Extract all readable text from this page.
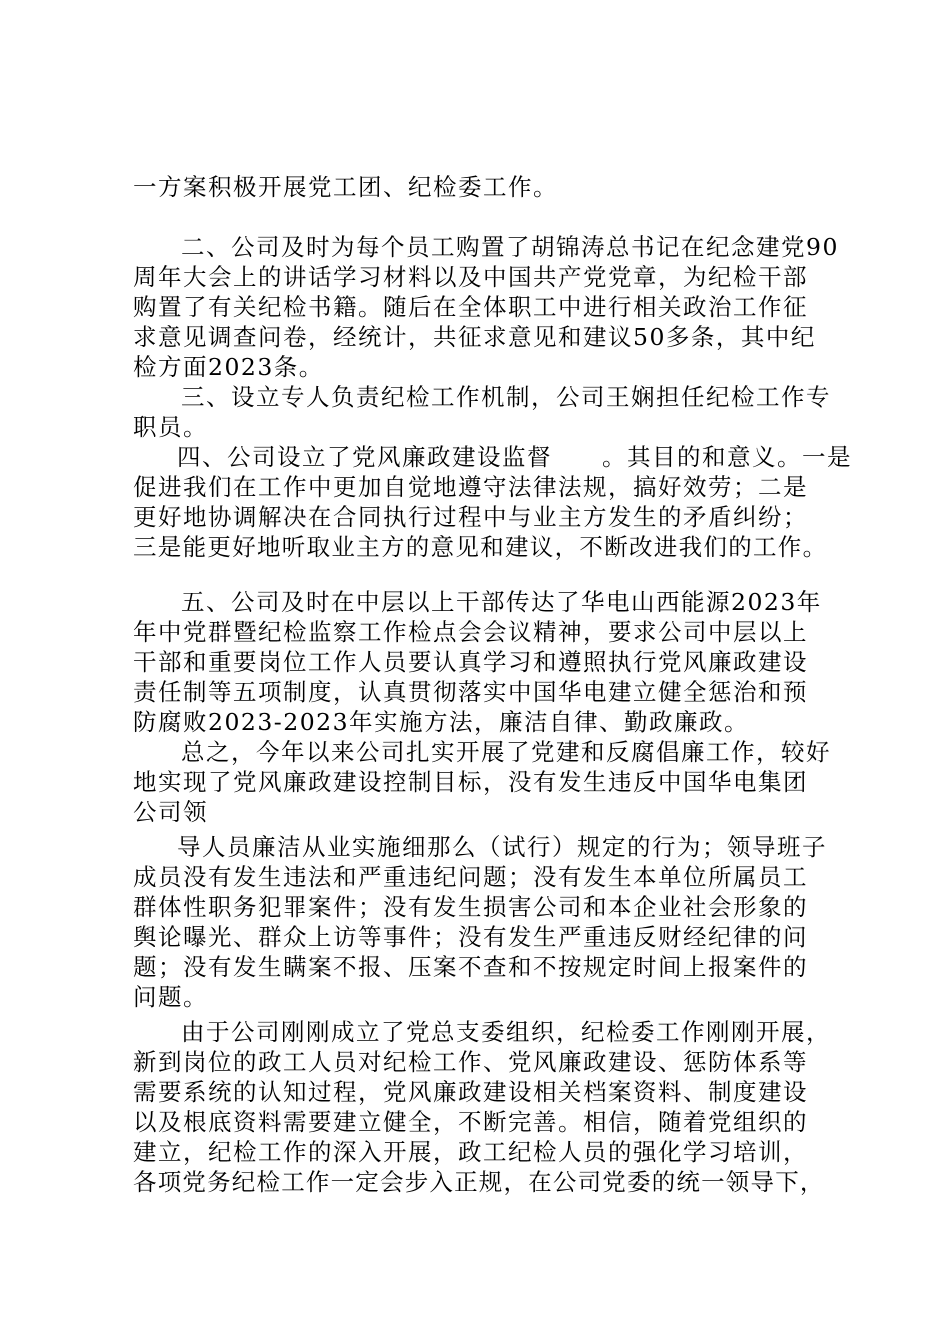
一方案积极开展党工团、纪检委工作。
二、公司及时为每个员工购置了胡锦涛总书记在纪念建党90
周年大会上的讲话学习材料以及中国共产党党章，为纪检干部
购置了有关纪检书籍。随后在全体职工中进行相关政治工作征
求意见调查问卷，经统计，共征求意见和建议50多条，其中纪
检方面2023条。
三、设立专人负责纪检工作机制，公司王娴担任纪检工作专
职员。
四、公司设立了党风廉政建设监督　　。其目的和意义。一是
促进我们在工作中更加自觉地遵守法律法规，搞好效劳；二是
更好地协调解决在合同执行过程中与业主方发生的矛盾纠纷；
三是能更好地听取业主方的意见和建议，不断改进我们的工作。
五、公司及时在中层以上干部传达了华电山西能源2023年
年中党群暨纪检监察工作检点会会议精神，要求公司中层以上
干部和重要岗位工作人员要认真学习和遵照执行党风廉政建设
责任制等五项制度，认真贯彻落实中国华电建立健全惩治和预
防腐败2023-2023年实施方法，廉洁自律、勤政廉政。
总之，今年以来公司扎实开展了党建和反腐倡廉工作，较好
地实现了党风廉政建设控制目标，没有发生违反中国华电集团
公司领
导人员廉洁从业实施细那么（试行）规定的行为；领导班子
成员没有发生违法和严重违纪问题；没有发生本单位所属员工
群体性职务犯罪案件；没有发生损害公司和本企业社会形象的
舆论曝光、群众上访等事件；没有发生严重违反财经纪律的问
题；没有发生瞒案不报、压案不查和不按规定时间上报案件的
问题。
由于公司刚刚成立了党总支委组织，纪检委工作刚刚开展，
新到岗位的政工人员对纪检工作、党风廉政建设、惩防体系等
需要系统的认知过程，党风廉政建设相关档案资料、制度建设
以及根底资料需要建立健全，不断完善。相信，随着党组织的
建立，纪检工作的深入开展，政工纪检人员的强化学习培训，
各项党务纪检工作一定会步入正规，在公司党委的统一领导下，
